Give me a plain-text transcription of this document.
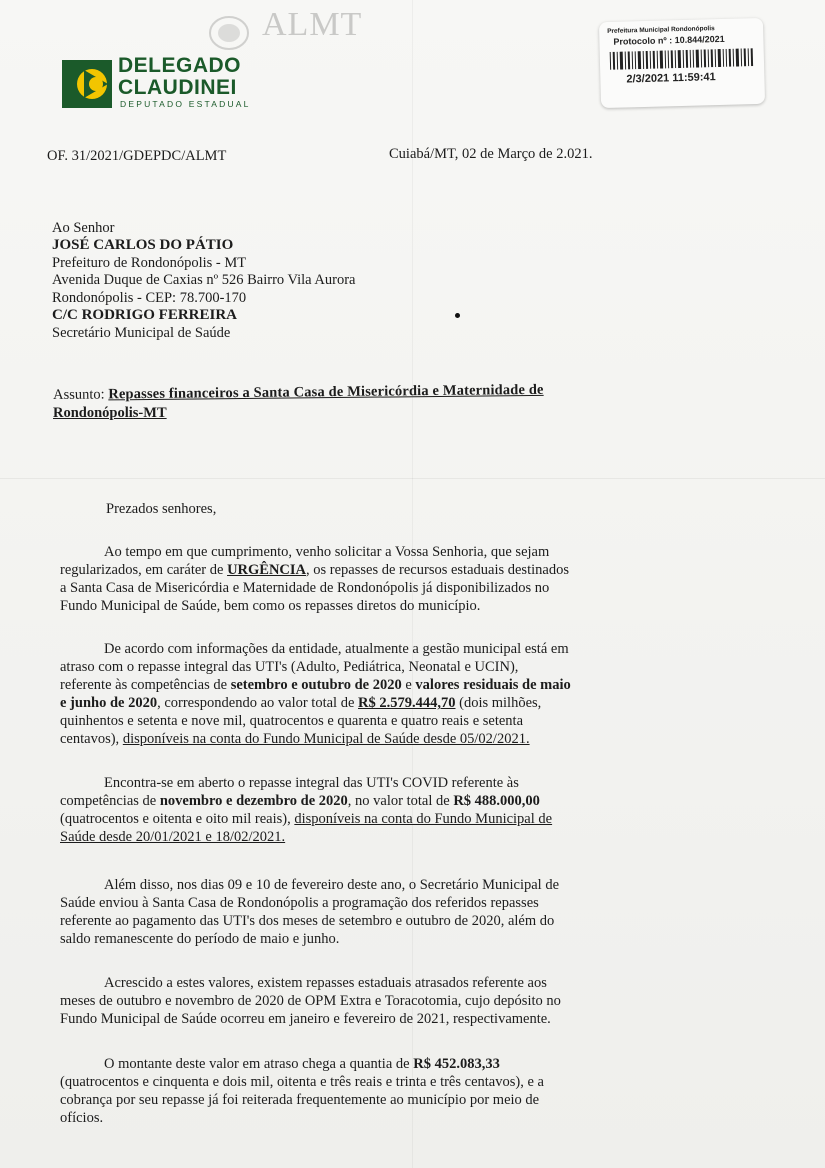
ALMT
DELEGADO
CLAUDINEI
DEPUTADO ESTADUAL
Prefeitura Municipal Rondonópolis
Protocolo nº : 10.844/2021
2/3/2021 11:59:41
OF. 31/2021/GDEPDC/ALMT	Cuiabá/MT, 02 de Março de 2.021.
Ao Senhor
JOSÉ CARLOS DO PÁTIO
Prefeituro de Rondonópolis - MT
Avenida Duque de Caxias nº 526 Bairro Vila Aurora
Rondonópolis - CEP: 78.700-170
C/C RODRIGO FERREIRA
Secretário Municipal de Saúde
Assunto: Repasses financeiros a Santa Casa de Misericórdia e Maternidade de
Rondonópolis-MT
Prezados senhores,
Ao tempo em que cumprimento, venho solicitar a Vossa Senhoria, que sejam
regularizados, em caráter de URGÊNCIA, os repasses de recursos estaduais destinados
a Santa Casa de Misericórdia e Maternidade de Rondonópolis já disponibilizados no
Fundo Municipal de Saúde, bem como os repasses diretos do município.
De acordo com informações da entidade, atualmente a gestão municipal está em
atraso com o repasse integral das UTI's (Adulto, Pediátrica, Neonatal e UCIN),
referente às competências de setembro e outubro de 2020 e valores residuais de maio
e junho de 2020, correspondendo ao valor total de R$ 2.579.444,70 (dois milhões,
quinhentos e setenta e nove mil, quatrocentos e quarenta e quatro reais e setenta
centavos), disponíveis na conta do Fundo Municipal de Saúde desde 05/02/2021.
Encontra-se em aberto o repasse integral das UTI's COVID referente às
competências de novembro e dezembro de 2020, no valor total de R$ 488.000,00
(quatrocentos e oitenta e oito mil reais), disponíveis na conta do Fundo Municipal de
Saúde desde 20/01/2021 e 18/02/2021.
Além disso, nos dias 09 e 10 de fevereiro deste ano, o Secretário Municipal de
Saúde enviou à Santa Casa de Rondonópolis a programação dos referidos repasses
referente ao pagamento das UTI's dos meses de setembro e outubro de 2020, além do
saldo remanescente do período de maio e junho.
Acrescido a estes valores, existem repasses estaduais atrasados referente aos
meses de outubro e novembro de 2020 de OPM Extra e Toracotomia, cujo depósito no
Fundo Municipal de Saúde ocorreu em janeiro e fevereiro de 2021, respectivamente.
O montante deste valor em atraso chega a quantia de R$ 452.083,33
(quatrocentos e cinquenta e dois mil, oitenta e três reais e trinta e três centavos), e a
cobrança por seu repasse já foi reiterada frequentemente ao município por meio de
ofícios.
